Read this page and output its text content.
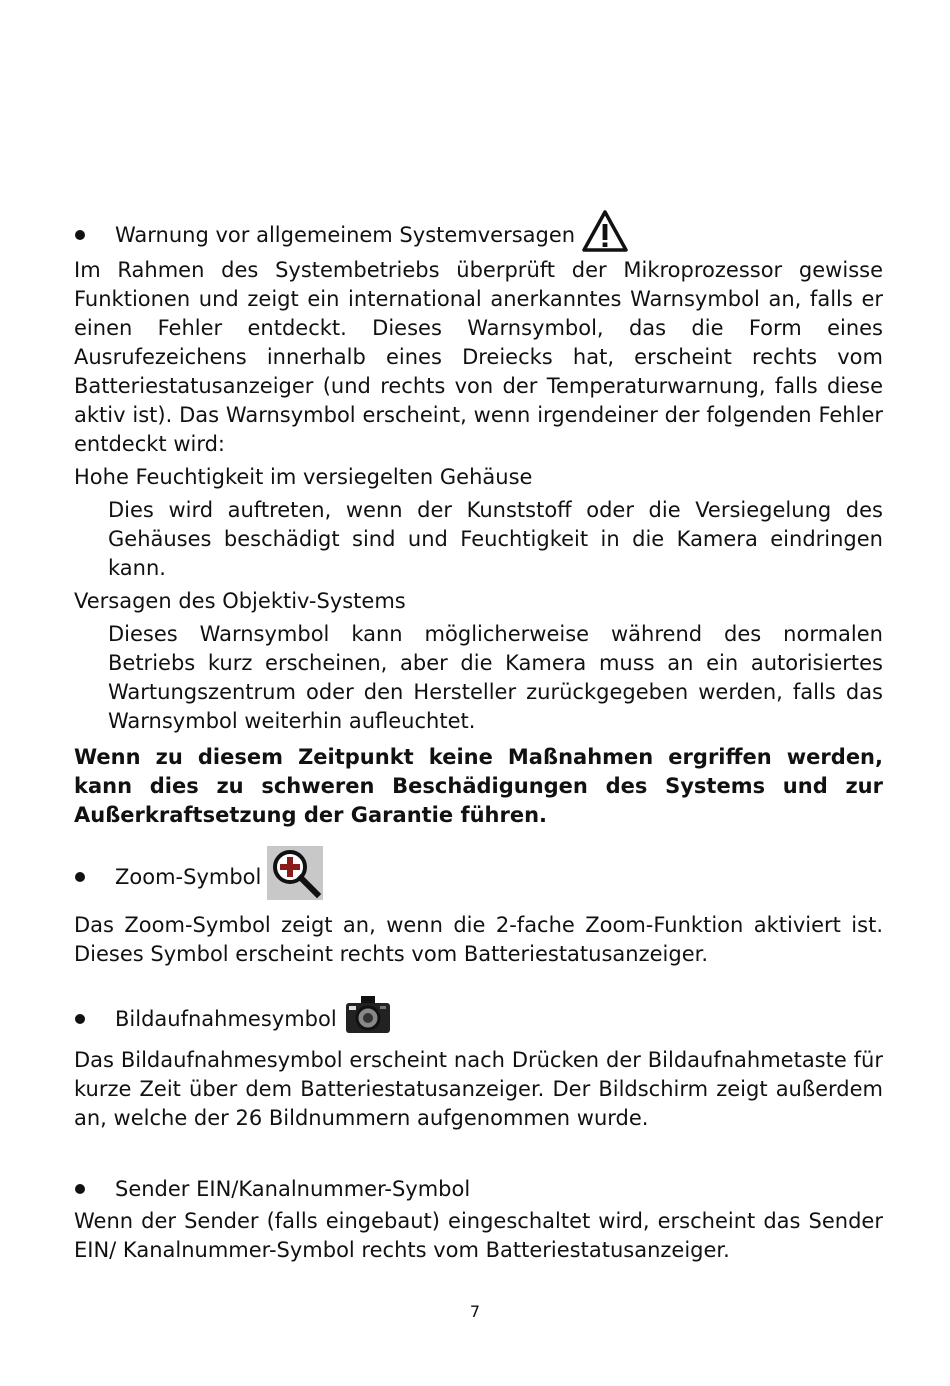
Warnung vor allgemeinem Systemversagen

Im Rahmen des Systembetriebs überprüft der Mikroprozessor gewisse Funktionen und zeigt ein international anerkanntes Warnsymbol an, falls er einen Fehler entdeckt. Dieses Warnsymbol, das die Form eines Ausrufezeichens innerhalb eines Dreiecks hat, erscheint rechts vom Batteriestatusanzeiger (und rechts von der Temperaturwarnung, falls diese aktiv ist). Das Warnsymbol erscheint, wenn irgendeiner der folgenden Fehler entdeckt wird:

Hohe Feuchtigkeit im versiegelten Gehäuse

Dies wird auftreten, wenn der Kunststoff oder die Versiegelung des Gehäuses beschädigt sind und Feuchtigkeit in die Kamera eindringen kann.

Versagen des Objektiv-Systems

Dieses Warnsymbol kann möglicherweise während des normalen Betriebs kurz erscheinen, aber die Kamera muss an ein autorisiertes Wartungszentrum oder den Hersteller zurückgegeben werden, falls das Warnsymbol weiterhin aufleuchtet.

Wenn zu diesem Zeitpunkt keine Maßnahmen ergriffen werden, kann dies zu schweren Beschädigungen des Systems und zur Außerkraftsetzung der Garantie führen.

Zoom-Symbol

Das Zoom-Symbol zeigt an, wenn die 2-fache Zoom-Funktion aktiviert ist. Dieses Symbol erscheint rechts vom Batteriestatusanzeiger.

Bildaufnahmesymbol

Das Bildaufnahmesymbol erscheint nach Drücken der Bildaufnahmetaste für kurze Zeit über dem Batteriestatusanzeiger. Der Bildschirm zeigt außerdem an, welche der 26 Bildnummern aufgenommen wurde.

Sender EIN/Kanalnummer-Symbol

Wenn der Sender (falls eingebaut) eingeschaltet wird, erscheint das Sender EIN/ Kanalnummer-Symbol rechts vom Batteriestatusanzeiger.

7
